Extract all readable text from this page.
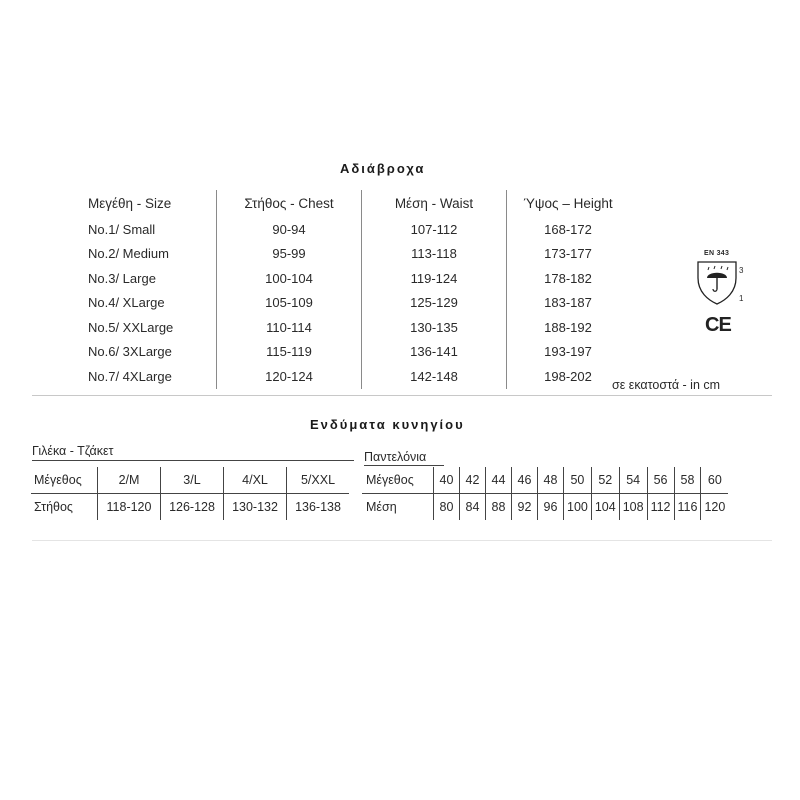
Αδιάβροχα
Μεγέθη - Size	Στήθος - Chest	Μέση - Waist	Ύψος – Height
No.1/ Small	90-94	107-112	168-172
No.2/ Medium	95-99	113-118	173-177
No.3/ Large	100-104	119-124	178-182
No.4/ XLarge	105-109	125-129	183-187
No.5/ XXLarge	110-114	130-135	188-192
No.6/ 3XLarge	115-119	136-141	193-197
No.7/ 4XLarge	120-124	142-148	198-202
σε εκατοστά - in cm
EN 343
3
1
CE
Ενδύματα κυνηγίου
Γιλέκα - Τζάκετ
Μέγεθος	2/M	3/L	4/XL	5/XXL
Στήθος	118-120	126-128	130-132	136-138
Παντελόνια
Μέγεθος	40	42	44	46	48	50	52	54	56	58	60
Μέση	80	84	88	92	96	100	104	108	112	116	120
